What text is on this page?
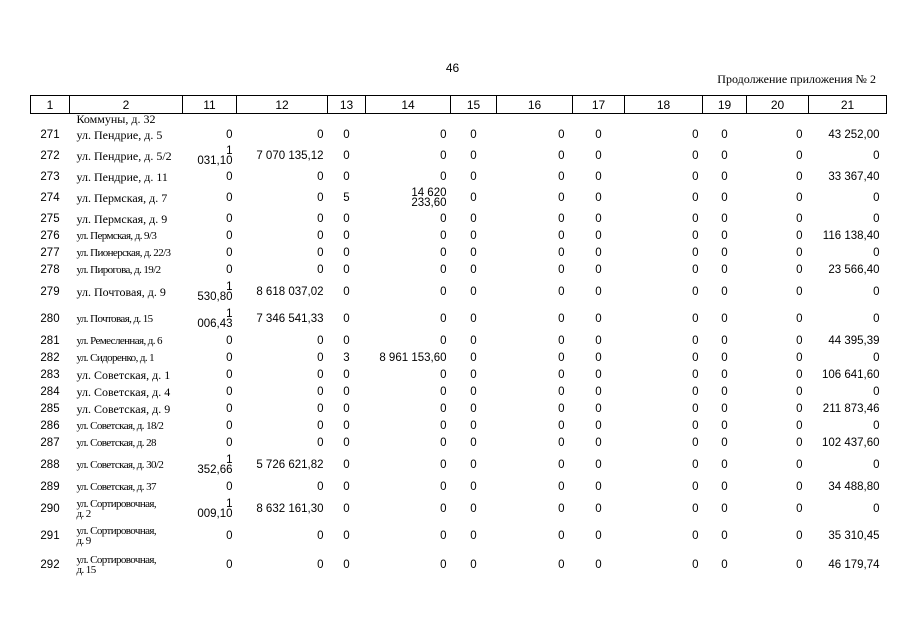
46
Продолжение приложения № 2
1	2	11	12	13	14	15	16	17	18	19	20	21
	Коммуны, д. 32											
271	ул. Пендрие, д. 5	0	0	0	0	0	0	0	0	0	0	43 252,00
272	ул. Пендрие, д. 5/2	1
031,10	7 070 135,12	0	0	0	0	0	0	0	0	0
273	ул. Пендрие, д. 11	0	0	0	0	0	0	0	0	0	0	33 367,40
274	ул. Пермская, д. 7	0	0	5	14 620
233,60	0	0	0	0	0	0	0
275	ул. Пермская, д. 9	0	0	0	0	0	0	0	0	0	0	0
276	ул. Пермская, д. 9/3	0	0	0	0	0	0	0	0	0	0	116 138,40
277	ул. Пионерская, д. 22/3	0	0	0	0	0	0	0	0	0	0	0
278	ул. Пирогова, д. 19/2	0	0	0	0	0	0	0	0	0	0	23 566,40
279	ул. Почтовая, д. 9	1
530,80	8 618 037,02	0	0	0	0	0	0	0	0	0
280	ул. Почтовая, д. 15	1
006,43	7 346 541,33	0	0	0	0	0	0	0	0	0
281	ул. Ремесленная, д. 6	0	0	0	0	0	0	0	0	0	0	44 395,39
282	ул. Сидоренко, д. 1	0	0	3	8 961 153,60	0	0	0	0	0	0	0
283	ул. Советская, д. 1	0	0	0	0	0	0	0	0	0	0	106 641,60
284	ул. Советская, д. 4	0	0	0	0	0	0	0	0	0	0	0
285	ул. Советская, д. 9	0	0	0	0	0	0	0	0	0	0	211 873,46
286	ул. Советская, д. 18/2	0	0	0	0	0	0	0	0	0	0	0
287	ул. Советская, д. 28	0	0	0	0	0	0	0	0	0	0	102 437,60
288	ул. Советская, д. 30/2	1
352,66	5 726 621,82	0	0	0	0	0	0	0	0	0
289	ул. Советская, д. 37	0	0	0	0	0	0	0	0	0	0	34 488,80
290	ул. Сортировочная,
д. 2	1
009,10	8 632 161,30	0	0	0	0	0	0	0	0	0
291	ул. Сортировочная,
д. 9	0	0	0	0	0	0	0	0	0	0	35 310,45
292	ул. Сортировочная,
д. 15	0	0	0	0	0	0	0	0	0	0	46 179,74
